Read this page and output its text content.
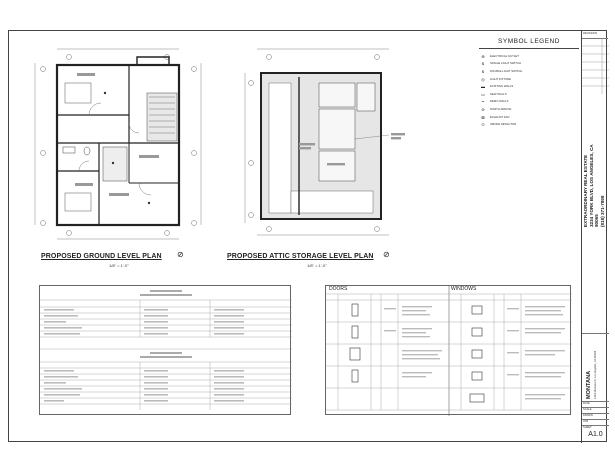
PROPOSED GROUND LEVEL PLAN
1/8" = 1'-0"
⊘	PROPOSED ATTIC STORAGE LEVEL PLAN
1/8" = 1'-0"
⊘
SYMBOL LEGEND
⊕	ELECTRICAL OUTLET
$	SINGLE LIGHT SWITCH
$	DOUBLE LIGHT SWITCH
◎	LIGHT FIXTURE
▬	EXISTING WALLS
▭	NEW WALLS
┅	DEMO WALLS
⊘	NORTH ARROW
⊠	EXHAUST FAN
⊙	SMOKE DETECTOR
REVISIONS
EXTRAORDINARY REAL ESTATE 3234 YORK BLVD, LOS ANGELES, CA 90065 (818) 371-7898
MONTANA 1234 Montana St, Los Angeles, CA 90026
DATE
SCALE
DRAWN
JOB
SHEET
A1.0
DOORS	WINDOWS
